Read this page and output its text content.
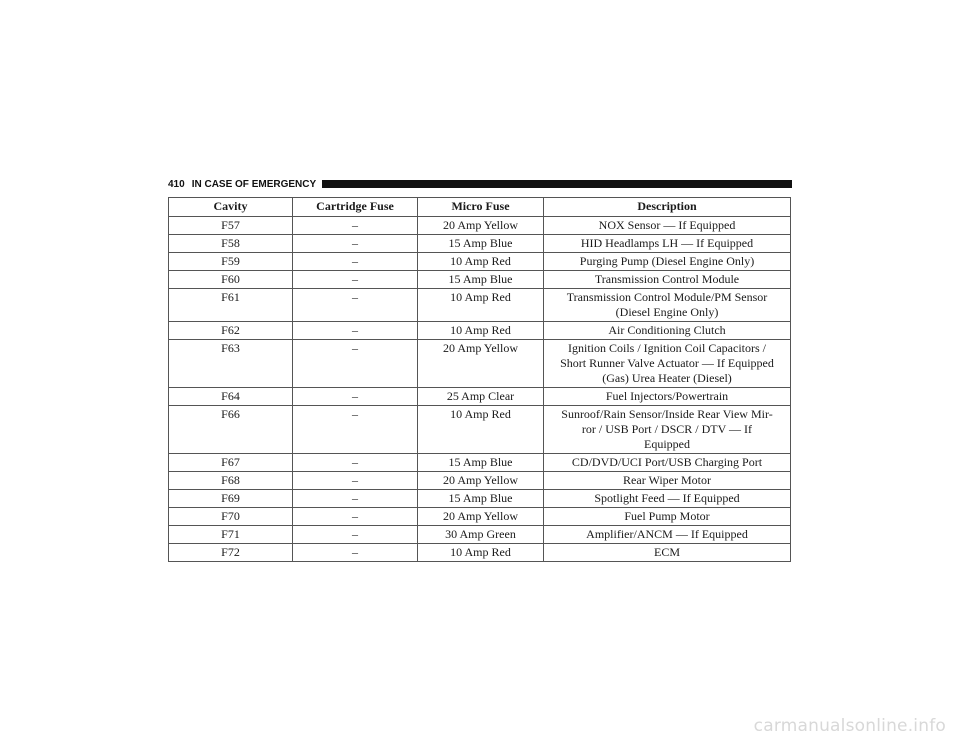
410 IN CASE OF EMERGENCY
Cavity	Cartridge Fuse	Micro Fuse	Description
F57	–	20 Amp Yellow	NOX Sensor — If Equipped

F58	–	15 Amp Blue	HID Headlamps LH — If Equipped

F59	–	10 Amp Red	Purging Pump (Diesel Engine Only)

F60	–	15 Amp Blue	Transmission Control Module

F61	–	10 Amp Red	Transmission Control Module/PM Sensor
(Diesel Engine Only)

F62	–	10 Amp Red	Air Conditioning Clutch

F63	–	20 Amp Yellow	Ignition Coils / Ignition Coil Capacitors /
Short Runner Valve Actuator — If Equipped
(Gas) Urea Heater (Diesel)

F64	–	25 Amp Clear	Fuel Injectors/Powertrain

F66	–	10 Amp Red	Sunroof/Rain Sensor/Inside Rear View Mir-
ror / USB Port / DSCR / DTV — If
Equipped

F67	–	15 Amp Blue	CD/DVD/UCI Port/USB Charging Port

F68	–	20 Amp Yellow	Rear Wiper Motor

F69	–	15 Amp Blue	Spotlight Feed — If Equipped

F70	–	20 Amp Yellow	Fuel Pump Motor

F71	–	30 Amp Green	Amplifier/ANCM — If Equipped

F72	–	10 Amp Red	ECM
carmanualsonline.info
